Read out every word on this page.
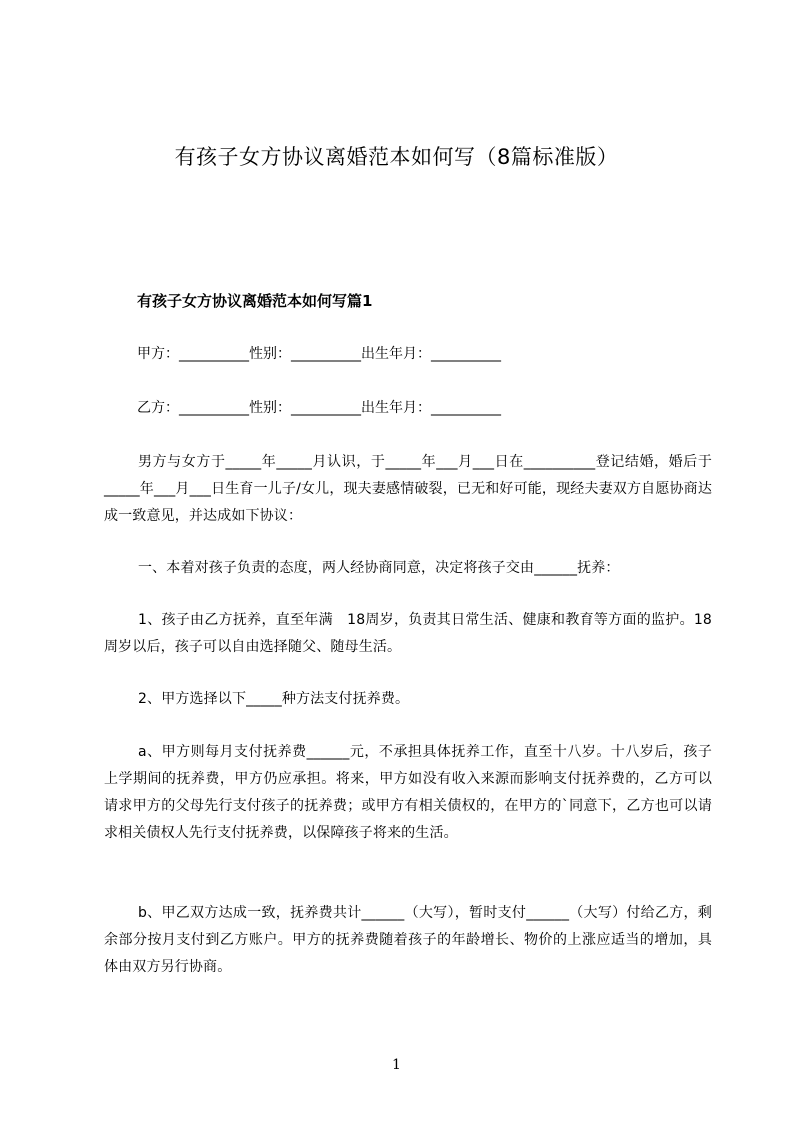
有孩子女方协议离婚范本如何写（8篇标准版）
有孩子女方协议离婚范本如何写篇1
甲方：__________性别：__________出生年月：__________
乙方：__________性别：__________出生年月：__________
男方与女方于_____年_____月认识，于_____年___月___日在__________登记结婚，婚后于_____年___月___日生育一儿子/女儿，现夫妻感情破裂，已无和好可能，现经夫妻双方自愿协商达成一致意见，并达成如下协议：
一、本着对孩子负责的态度，两人经协商同意，决定将孩子交由______抚养：
1、孩子由乙方抚养，直至年满　18周岁，负责其日常生活、健康和教育等方面的监护。18周岁以后，孩子可以自由选择随父、随母生活。
2、甲方选择以下_____种方法支付抚养费。
a、甲方则每月支付抚养费______元，不承担具体抚养工作，直至十八岁。十八岁后，孩子上学期间的抚养费，甲方仍应承担。将来，甲方如没有收入来源而影响支付抚养费的，乙方可以请求甲方的父母先行支付孩子的抚养费；或甲方有相关债权的，在甲方的`同意下，乙方也可以请求相关债权人先行支付抚养费，以保障孩子将来的生活。
b、甲乙双方达成一致，抚养费共计______（大写），暂时支付______（大写）付给乙方，剩余部分按月支付到乙方账户。甲方的抚养费随着孩子的年龄增长、物价的上涨应适当的增加，具体由双方另行协商。
1
